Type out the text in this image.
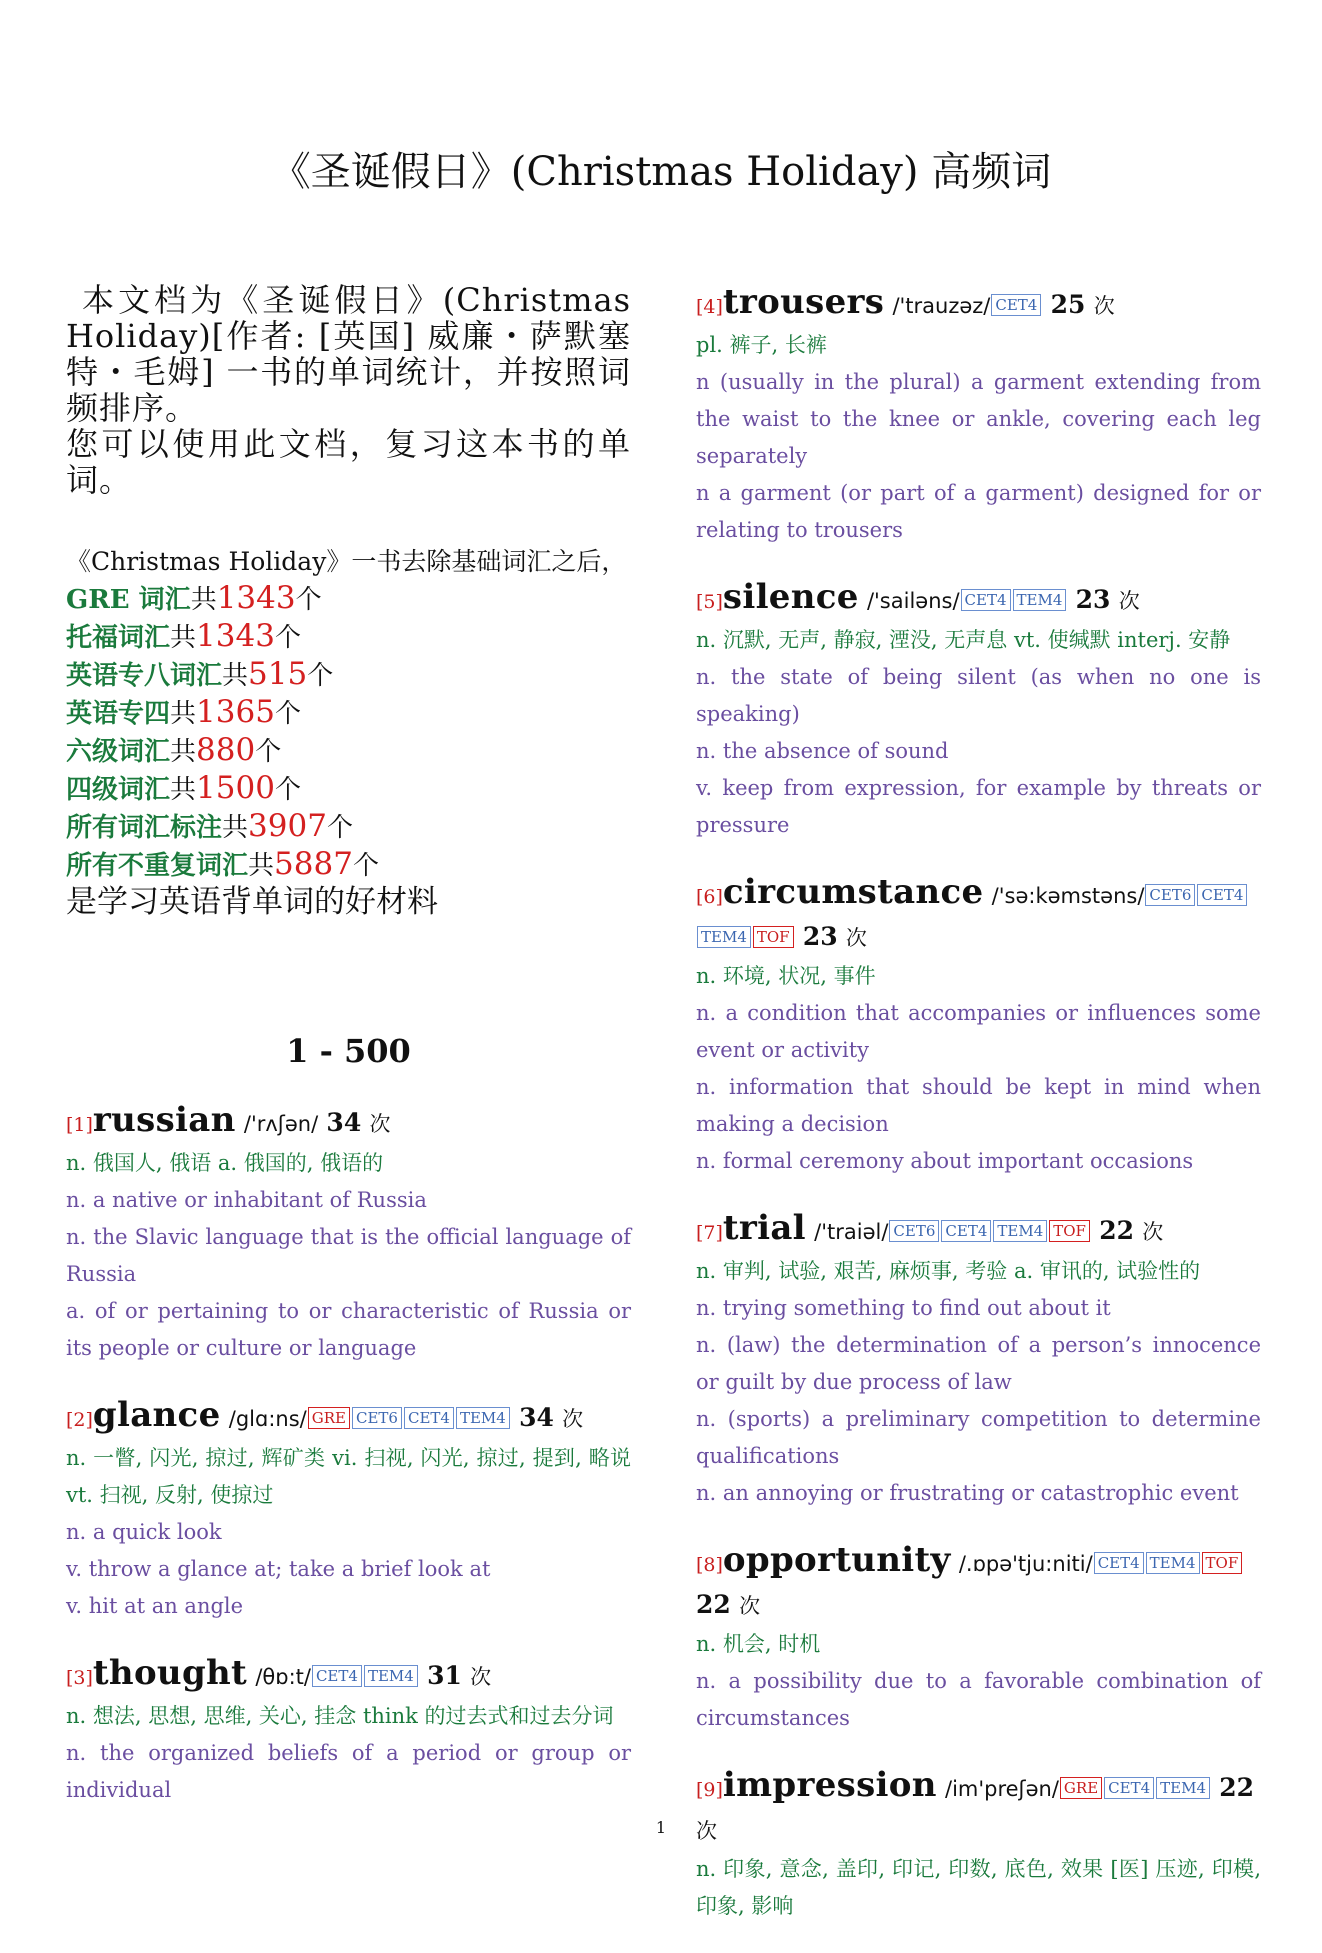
《圣诞假日》(Christmas Holiday) 高频词

本文档为《圣诞假日》(Christmas Holiday)[作者: [英国] 威廉・萨默塞特・毛姆] 一书的单词统计，并按照词频排序。

您可以使用此文档，复习这本书的单词。

《Christmas Holiday》一书去除基础词汇之后，
GRE 词汇共1343个
托福词汇共1343个
英语专八词汇共515个
英语专四共1365个
六级词汇共880个
四级词汇共1500个
所有词汇标注共3907个
所有不重复词汇共5887个
是学习英语背单词的好材料
1 - 500
[1]russian /'rʌʃən/ 34 次
n. 俄国人, 俄语 a. 俄国的, 俄语的
n. a native or inhabitant of Russia
n. the Slavic language that is the official language of Russia
a. of or pertaining to or characteristic of Russia or its people or culture or language
[2]glance /glɑ:ns/ GRE CET6 CET4 TEM4 34 次
n. 一瞥, 闪光, 掠过, 辉矿类 vi. 扫视, 闪光, 掠过, 提到, 略说 vt. 扫视, 反射, 使掠过
n. a quick look
v. throw a glance at; take a brief look at
v. hit at an angle
[3]thought /θɒ:t/ CET4 TEM4 31 次
n. 想法, 思想, 思维, 关心, 挂念 think 的过去式和过去分词
n. the organized beliefs of a period or group or individual
[4]trousers /'trauzəz/ CET4 25 次
pl. 裤子, 长裤
n (usually in the plural) a garment extending from the waist to the knee or ankle, covering each leg separately
n a garment (or part of a garment) designed for or relating to trousers
[5]silence /'sailəns/ CET4 TEM4 23 次
n. 沉默, 无声, 静寂, 湮没, 无声息 vt. 使缄默 interj. 安静
n. the state of being silent (as when no one is speaking)
n. the absence of sound
v. keep from expression, for example by threats or pressure
[6]circumstance /'sə:kəmstəns/ CET6 CET4TEM4 TOF 23 次
n. 环境, 状况, 事件
n. a condition that accompanies or influences some event or activity
n. information that should be kept in mind when making a decision
n. formal ceremony about important occasions
[7]trial /'traiəl/ CET6 CET4 TEM4 TOF 22 次
n. 审判, 试验, 艰苦, 麻烦事, 考验 a. 审讯的, 试验性的
n. trying something to find out about it
n. (law) the determination of a person’s innocence or guilt by due process of law
n. (sports) a preliminary competition to determine qualifications
n. an annoying or frustrating or catastrophic event
[8]opportunity /.ɒpə'tju:niti/ CET4 TEM4 TOF 22 次
n. 机会, 时机
n. a possibility due to a favorable combination of circumstances
[9]impression /im'preʃən/ GRE CET4 TEM4 22 次
n. 印象, 意念, 盖印, 印记, 印数, 底色, 效果 [医] 压迹, 印模, 印象, 影响
1
